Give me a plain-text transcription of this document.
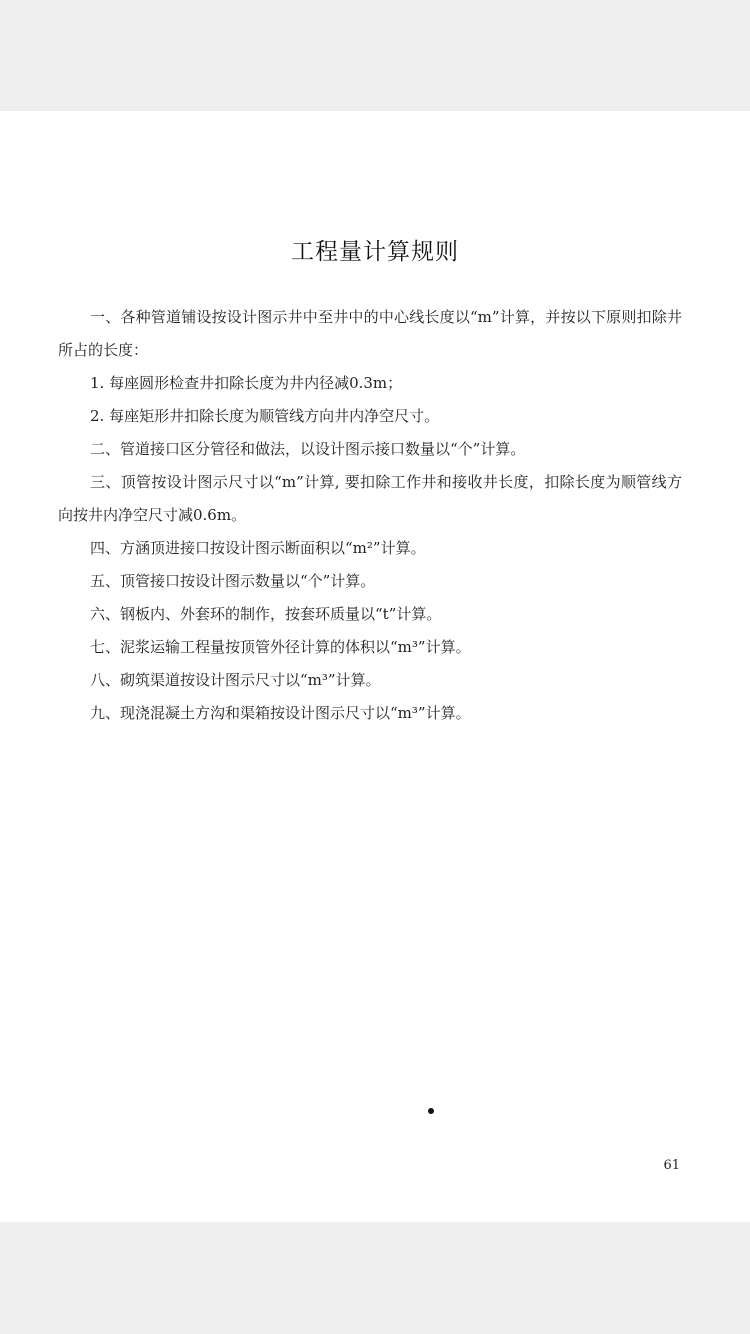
工程量计算规则

一、各种管道铺设按设计图示井中至井中的中心线长度以“m”计算，并按以下原则扣除井所占的长度：

1. 每座圆形检查井扣除长度为井内径减0.3m；

2. 每座矩形井扣除长度为顺管线方向井内净空尺寸。

二、管道接口区分管径和做法，以设计图示接口数量以“个”计算。

三、顶管按设计图示尺寸以“m”计算, 要扣除工作井和接收井长度，扣除长度为顺管线方向按井内净空尺寸减0.6m。

四、方涵顶进接口按设计图示断面积以“m²”计算。

五、顶管接口按设计图示数量以“个”计算。

六、钢板内、外套环的制作，按套环质量以“t”计算。

七、泥浆运输工程量按顶管外径计算的体积以“m³”计算。

八、砌筑渠道按设计图示尺寸以“m³”计算。

九、现浇混凝土方沟和渠箱按设计图示尺寸以“m³”计算。

61
